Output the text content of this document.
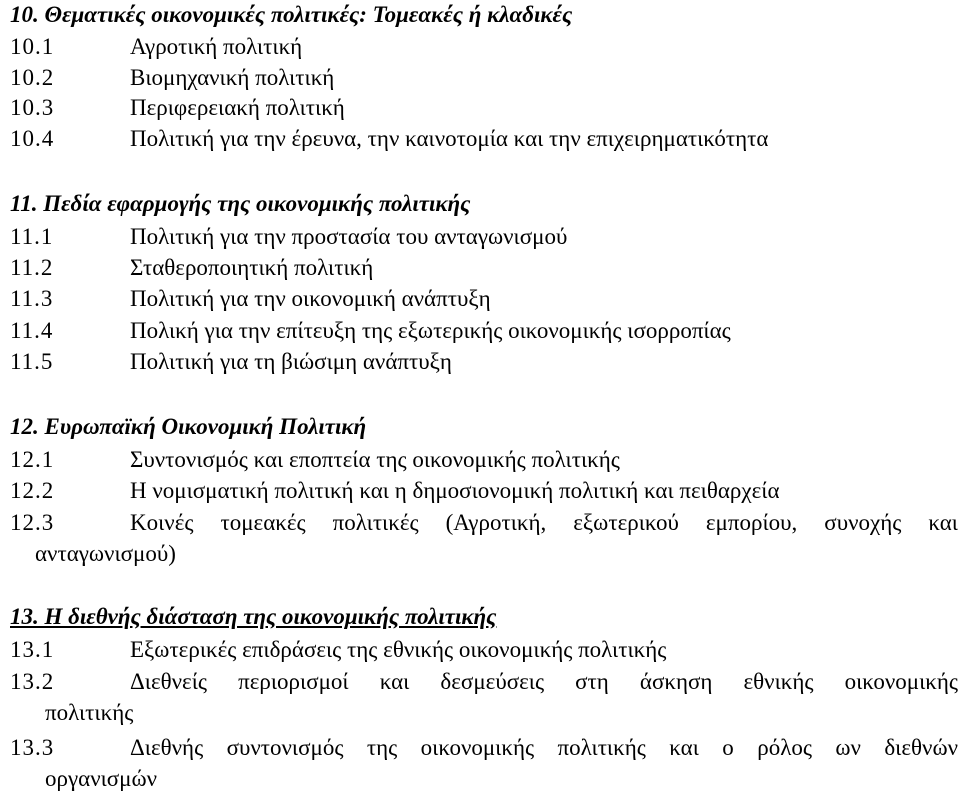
10. Θεματικές οικονομικές πολιτικές: Τομεακές ή κλαδικές
10.1	Αγροτική πολιτική
10.2	Βιομηχανική πολιτική
10.3	Περιφερειακή πολιτική
10.4	Πολιτική για την έρευνα, την καινοτομία και την επιχειρηματικότητα
11. Πεδία εφαρμογής της οικονομικής πολιτικής
11.1	Πολιτική για την προστασία του ανταγωνισμού
11.2	Σταθεροποιητική πολιτική
11.3	Πολιτική για την οικονομική ανάπτυξη
11.4	Πολική για την επίτευξη της εξωτερικής οικονομικής ισορροπίας
11.5	Πολιτική για τη βιώσιμη ανάπτυξη
12. Ευρωπαϊκή Οικονομική Πολιτική
12.1	Συντονισμός και εποπτεία της οικονομικής πολιτικής
12.2	Η νομισματική πολιτική και η δημοσιονομική πολιτική και πειθαρχεία
12.3	Κοινές τομεακές πολιτικές (Αγροτική, εξωτερικού εμπορίου, συνοχής και
ανταγωνισμού)
13. Η διεθνής διάσταση της οικονομικής πολιτικής
13.1	Εξωτερικές επιδράσεις της εθνικής οικονομικής πολιτικής
13.2	Διεθνείς περιορισμοί και δεσμεύσεις στη άσκηση εθνικής οικονομικής
πολιτικής
13.3	Διεθνής συντονισμός της οικονομικής πολιτικής και ο ρόλος ων διεθνών
οργανισμών
